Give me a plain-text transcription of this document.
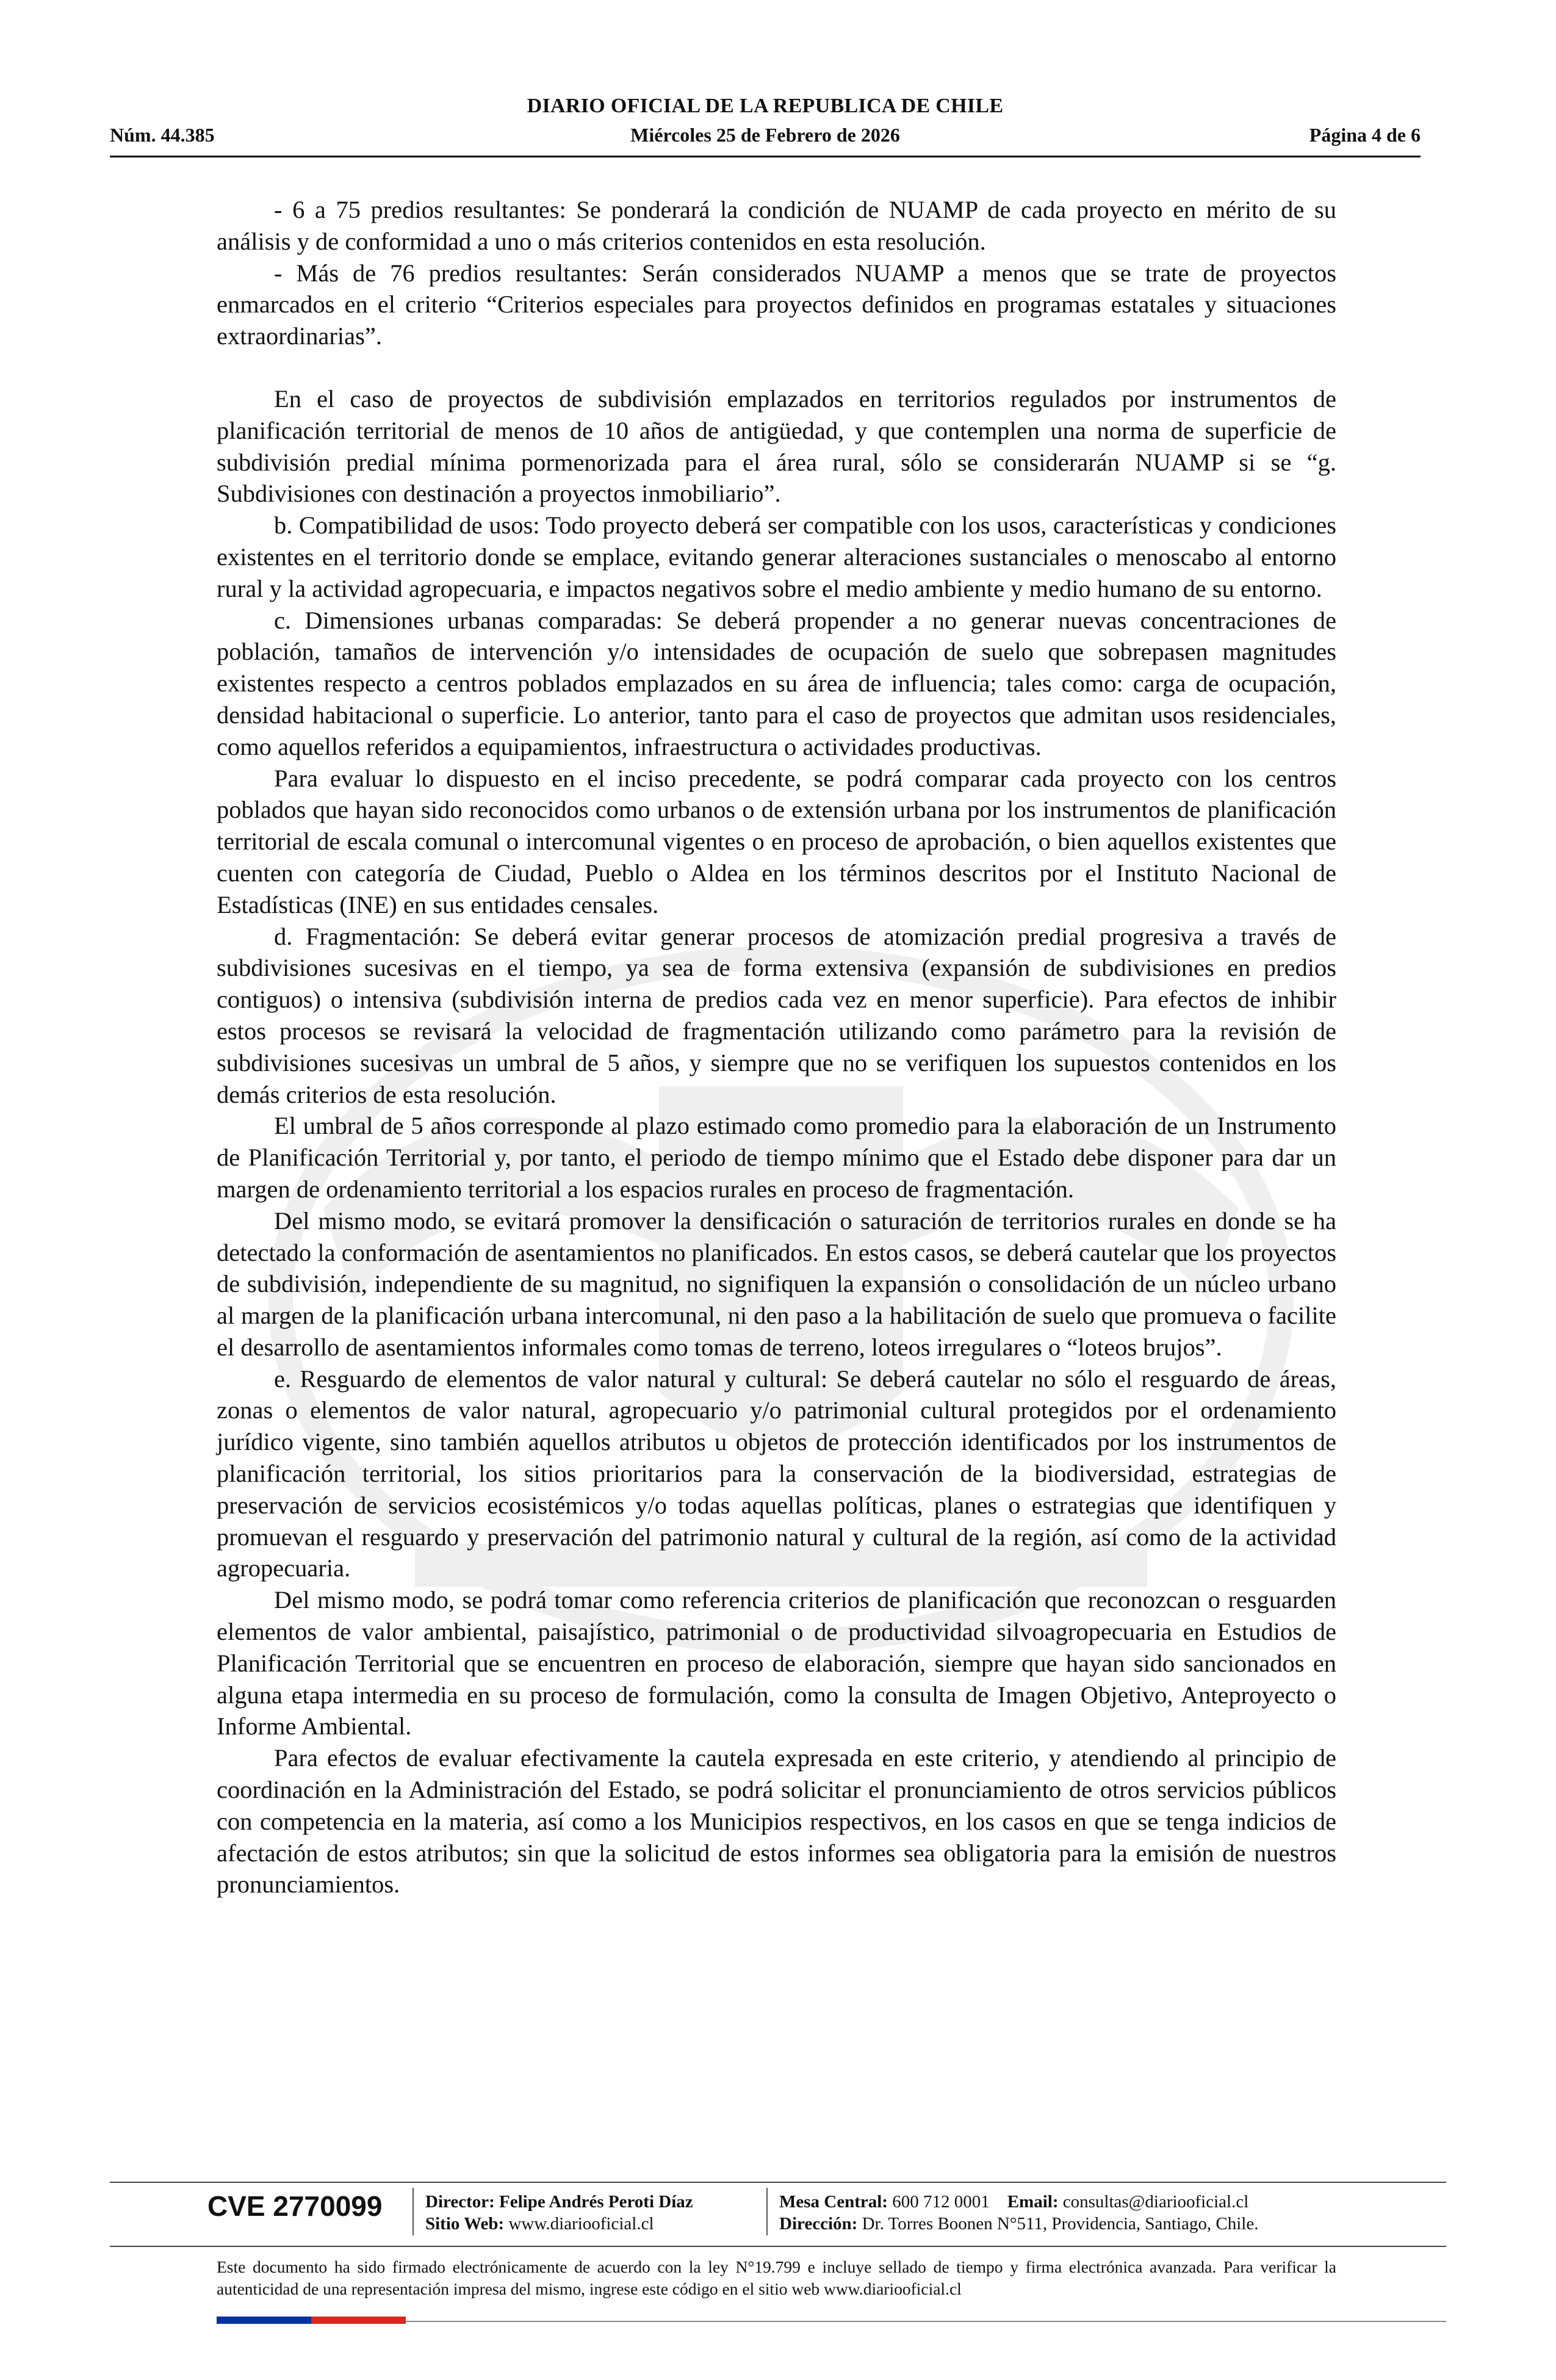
DIARIO OFICIAL DE LA REPUBLICA DE CHILE
Núm. 44.385	Miércoles 25 de Febrero de 2026	Página 4 de 6

- 6 a 75 predios resultantes: Se ponderará la condición de NUAMP de cada proyecto en mérito de su análisis y de conformidad a uno o más criterios contenidos en esta resolución.

- Más de 76 predios resultantes: Serán considerados NUAMP a menos que se trate de proyectos enmarcados en el criterio “Criterios especiales para proyectos definidos en programas estatales y situaciones extraordinarias”.

En el caso de proyectos de subdivisión emplazados en territorios regulados por instrumentos de planificación territorial de menos de 10 años de antigüedad, y que contemplen una norma de superficie de subdivisión predial mínima pormenorizada para el área rural, sólo se considerarán NUAMP si se “g. Subdivisiones con destinación a proyectos inmobiliario”.

b. Compatibilidad de usos: Todo proyecto deberá ser compatible con los usos, características y condiciones existentes en el territorio donde se emplace, evitando generar alteraciones sustanciales o menoscabo al entorno rural y la actividad agropecuaria, e impactos negativos sobre el medio ambiente y medio humano de su entorno.

c. Dimensiones urbanas comparadas: Se deberá propender a no generar nuevas concentraciones de población, tamaños de intervención y/o intensidades de ocupación de suelo que sobrepasen magnitudes existentes respecto a centros poblados emplazados en su área de influencia; tales como: carga de ocupación, densidad habitacional o superficie. Lo anterior, tanto para el caso de proyectos que admitan usos residenciales, como aquellos referidos a equipamientos, infraestructura o actividades productivas.

Para evaluar lo dispuesto en el inciso precedente, se podrá comparar cada proyecto con los centros poblados que hayan sido reconocidos como urbanos o de extensión urbana por los instrumentos de planificación territorial de escala comunal o intercomunal vigentes o en proceso de aprobación, o bien aquellos existentes que cuenten con categoría de Ciudad, Pueblo o Aldea en los términos descritos por el Instituto Nacional de Estadísticas (INE) en sus entidades censales.

d. Fragmentación: Se deberá evitar generar procesos de atomización predial progresiva a través de subdivisiones sucesivas en el tiempo, ya sea de forma extensiva (expansión de subdivisiones en predios contiguos) o intensiva (subdivisión interna de predios cada vez en menor superficie). Para efectos de inhibir estos procesos se revisará la velocidad de fragmentación utilizando como parámetro para la revisión de subdivisiones sucesivas un umbral de 5 años, y siempre que no se verifiquen los supuestos contenidos en los demás criterios de esta resolución.

El umbral de 5 años corresponde al plazo estimado como promedio para la elaboración de un Instrumento de Planificación Territorial y, por tanto, el periodo de tiempo mínimo que el Estado debe disponer para dar un margen de ordenamiento territorial a los espacios rurales en proceso de fragmentación.

Del mismo modo, se evitará promover la densificación o saturación de territorios rurales en donde se ha detectado la conformación de asentamientos no planificados. En estos casos, se deberá cautelar que los proyectos de subdivisión, independiente de su magnitud, no signifiquen la expansión o consolidación de un núcleo urbano al margen de la planificación urbana intercomunal, ni den paso a la habilitación de suelo que promueva o facilite el desarrollo de asentamientos informales como tomas de terreno, loteos irregulares o “loteos brujos”.

e. Resguardo de elementos de valor natural y cultural: Se deberá cautelar no sólo el resguardo de áreas, zonas o elementos de valor natural, agropecuario y/o patrimonial cultural protegidos por el ordenamiento jurídico vigente, sino también aquellos atributos u objetos de protección identificados por los instrumentos de planificación territorial, los sitios prioritarios para la conservación de la biodiversidad, estrategias de preservación de servicios ecosistémicos y/o todas aquellas políticas, planes o estrategias que identifiquen y promuevan el resguardo y preservación del patrimonio natural y cultural de la región, así como de la actividad agropecuaria.

Del mismo modo, se podrá tomar como referencia criterios de planificación que reconozcan o resguarden elementos de valor ambiental, paisajístico, patrimonial o de productividad silvoagropecuaria en Estudios de Planificación Territorial que se encuentren en proceso de elaboración, siempre que hayan sido sancionados en alguna etapa intermedia en su proceso de formulación, como la consulta de Imagen Objetivo, Anteproyecto o Informe Ambiental.

Para efectos de evaluar efectivamente la cautela expresada en este criterio, y atendiendo al principio de coordinación en la Administración del Estado, se podrá solicitar el pronunciamiento de otros servicios públicos con competencia en la materia, así como a los Municipios respectivos, en los casos en que se tenga indicios de afectación de estos atributos; sin que la solicitud de estos informes sea obligatoria para la emisión de nuestros pronunciamientos.

CVE 2770099 Director: Felipe Andrés Peroti Díaz
Sitio Web: www.diariooficial.cl
Mesa Central: 600 712 0001 Email: consultas@diariooficial.cl
Dirección: Dr. Torres Boonen N°511, Providencia, Santiago, Chile.
Este documento ha sido firmado electrónicamente de acuerdo con la ley N°19.799 e incluye sellado de tiempo y firma electrónica avanzada. Para verificar la autenticidad de una representación impresa del mismo, ingrese este código en el sitio web www.diariooficial.cl
